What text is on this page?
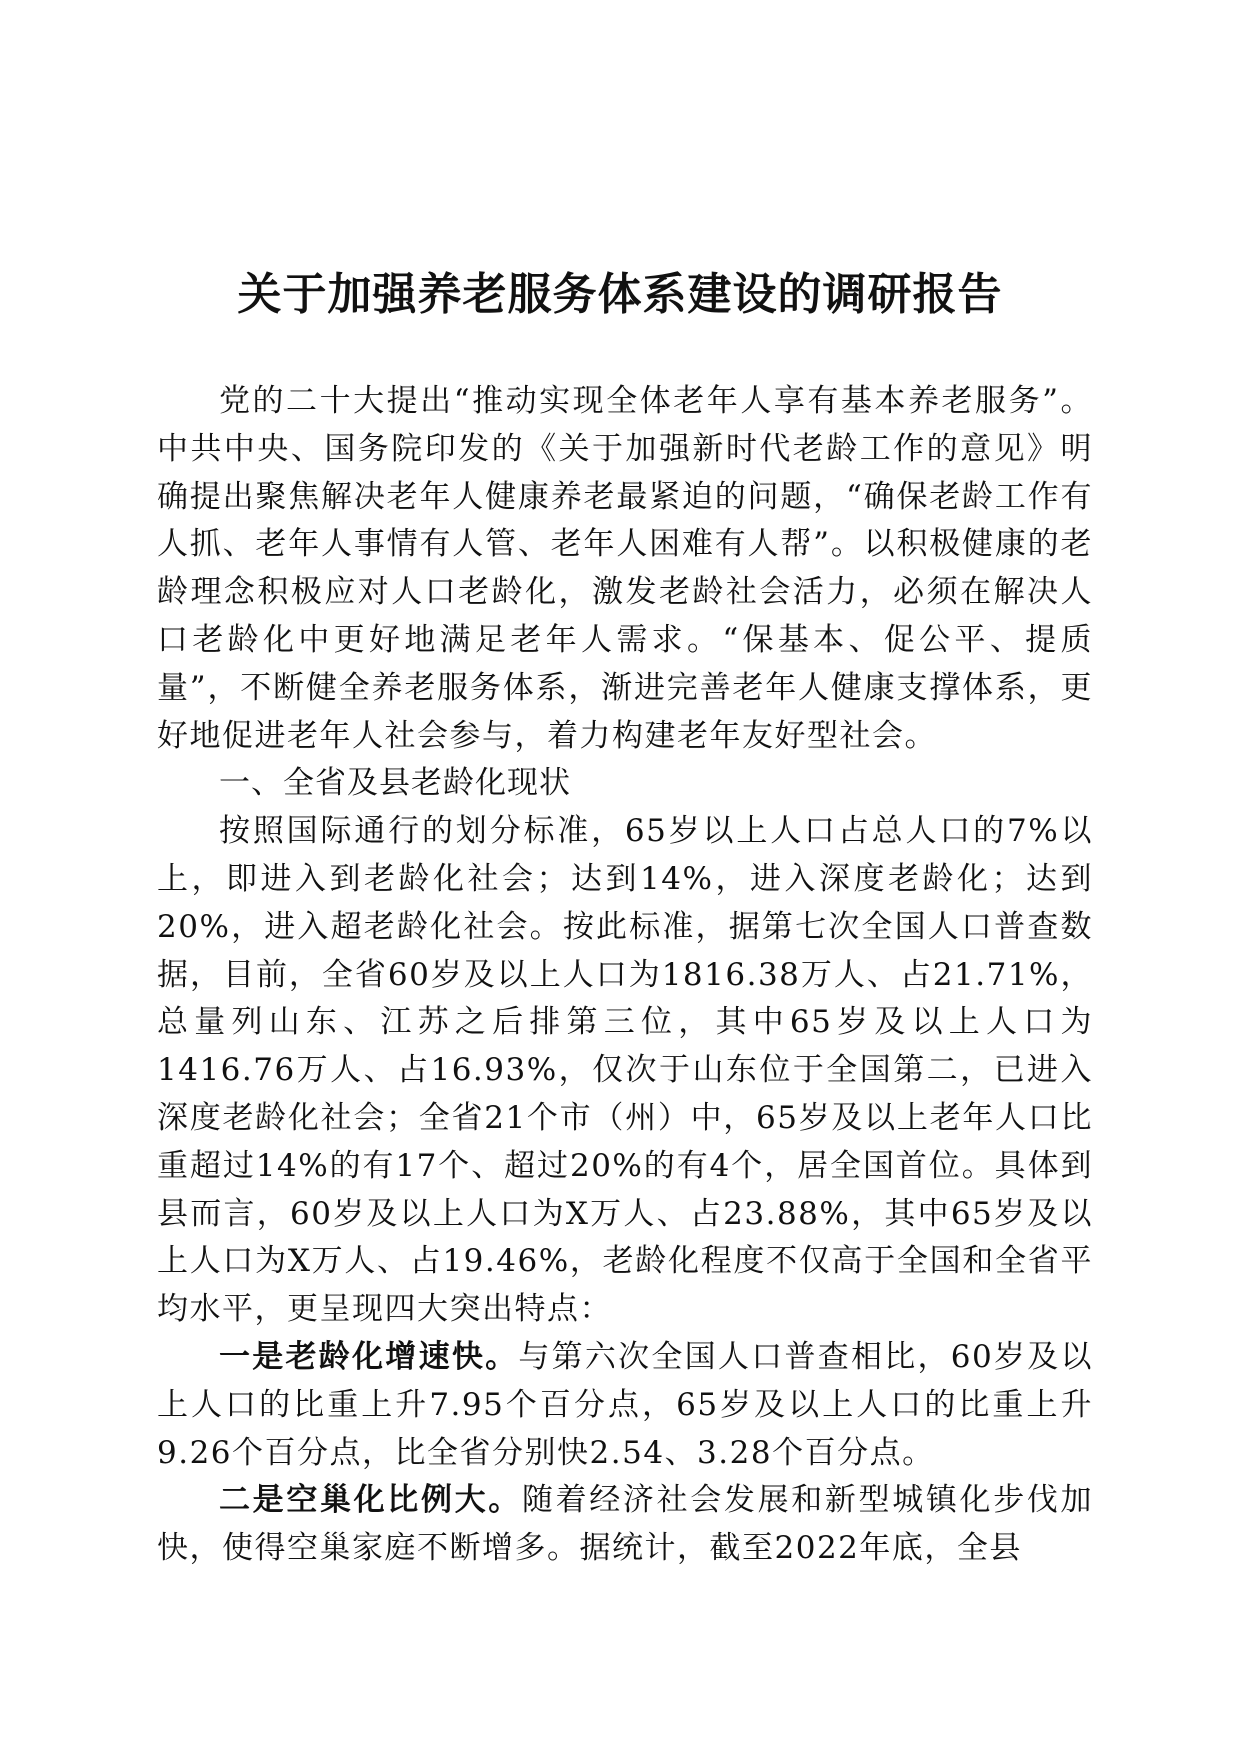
关于加强养老服务体系建设的调研报告

党的二十大提出“推动实现全体老年人享有基本养老服务”。中共中央、国务院印发的《关于加强新时代老龄工作的意见》明确提出聚焦解决老年人健康养老最紧迫的问题，“确保老龄工作有人抓、老年人事情有人管、老年人困难有人帮”。以积极健康的老龄理念积极应对人口老龄化，激发老龄社会活力，必须在解决人口老龄化中更好地满足老年人需求。“保基本、促公平、提质量”，不断健全养老服务体系，渐进完善老年人健康支撑体系，更好地促进老年人社会参与，着力构建老年友好型社会。

一、全省及县老龄化现状

按照国际通行的划分标准，65岁以上人口占总人口的7%以上，即进入到老龄化社会；达到14%，进入深度老龄化；达到20%，进入超老龄化社会。按此标准，据第七次全国人口普查数据，目前，全省60岁及以上人口为1816.38万人、占21.71%，总量列山东、江苏之后排第三位，其中65岁及以上人口为1416.76万人、占16.93%，仅次于山东位于全国第二，已进入深度老龄化社会；全省21个市（州）中，65岁及以上老年人口比重超过14%的有17个、超过20%的有4个，居全国首位。具体到县而言，60岁及以上人口为X万人、占23.88%，其中65岁及以上人口为X万人、占19.46%，老龄化程度不仅高于全国和全省平均水平，更呈现四大突出特点：

一是老龄化增速快。与第六次全国人口普查相比，60岁及以上人口的比重上升7.95个百分点，65岁及以上人口的比重上升9.26个百分点，比全省分别快2.54、3.28个百分点。

二是空巢化比例大。随着经济社会发展和新型城镇化步伐加快，使得空巢家庭不断增多。据统计，截至2022年底，全县
